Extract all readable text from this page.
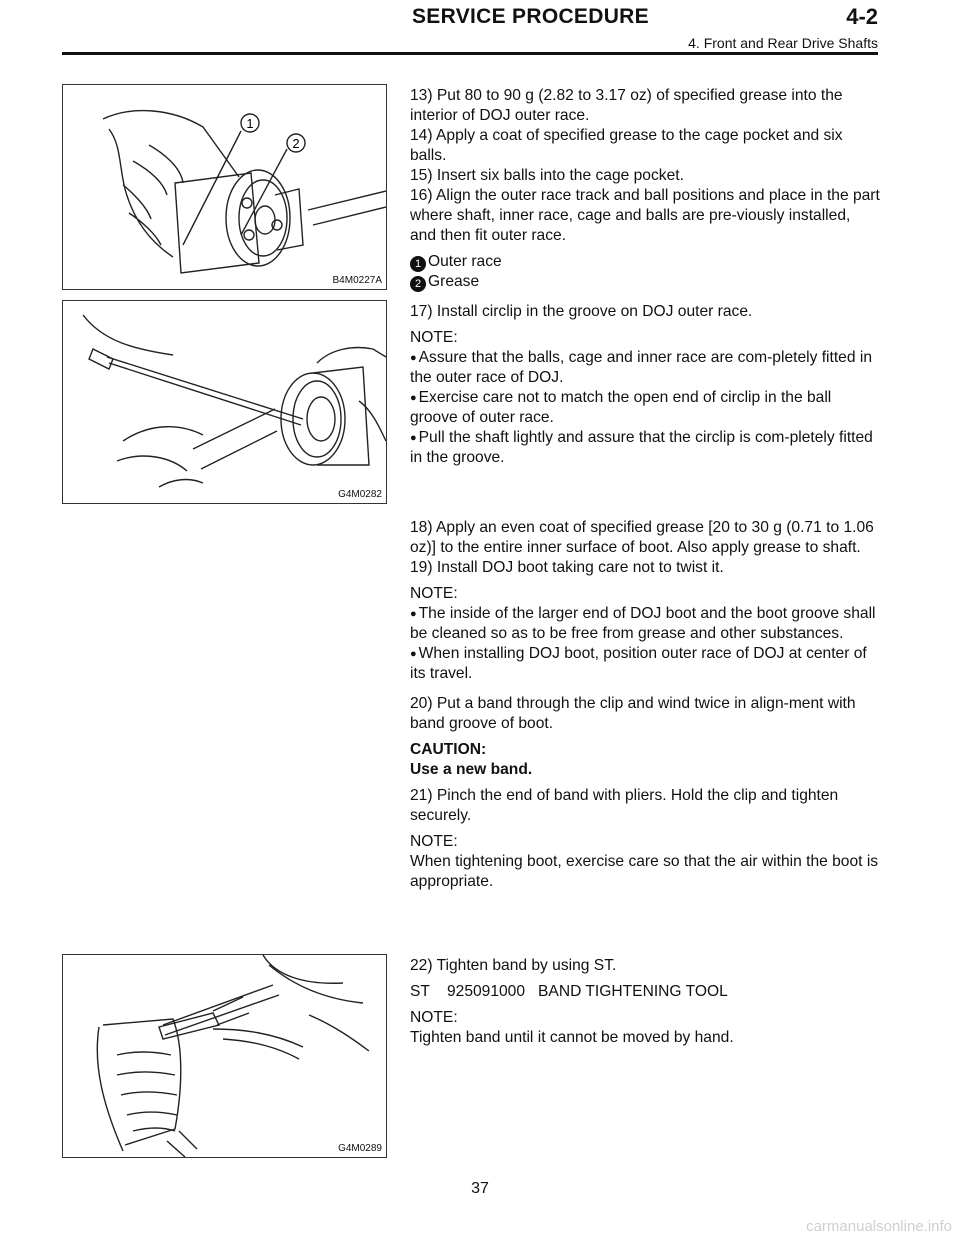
SERVICE PROCEDURE	4-2
4. Front and Rear Drive Shafts
1
2
B4M0227A
G4M0282
G4M0289

13) Put 80 to 90 g (2.82 to 3.17 oz) of specified grease into the interior of DOJ outer race.

14) Apply a coat of specified grease to the cage pocket and six balls.

15) Insert six balls into the cage pocket.

16) Align the outer race track and ball positions and place in the part where shaft, inner race, cage and balls are pre-viously installed, and then fit outer race.

1 Outer race

2 Grease

17) Install circlip in the groove on DOJ outer race.

NOTE:

● Assure that the balls, cage and inner race are com-pletely fitted in the outer race of DOJ.

● Exercise care not to match the open end of circlip in the ball groove of outer race.

● Pull the shaft lightly and assure that the circlip is com-pletely fitted in the groove.

18) Apply an even coat of specified grease [20 to 30 g (0.71 to 1.06 oz)] to the entire inner surface of boot. Also apply grease to shaft.

19) Install DOJ boot taking care not to twist it.

NOTE:

● The inside of the larger end of DOJ boot and the boot groove shall be cleaned so as to be free from grease and other substances.

● When installing DOJ boot, position outer race of DOJ at center of its travel.

20) Put a band through the clip and wind twice in align-ment with band groove of boot.

CAUTION:

Use a new band.

21) Pinch the end of band with pliers. Hold the clip and tighten securely.

NOTE:

When tightening boot, exercise care so that the air within the boot is appropriate.

22) Tighten band by using ST.

ST    925091000   BAND TIGHTENING TOOL

NOTE:

Tighten band until it cannot be moved by hand.

37
carmanualsonline.info
